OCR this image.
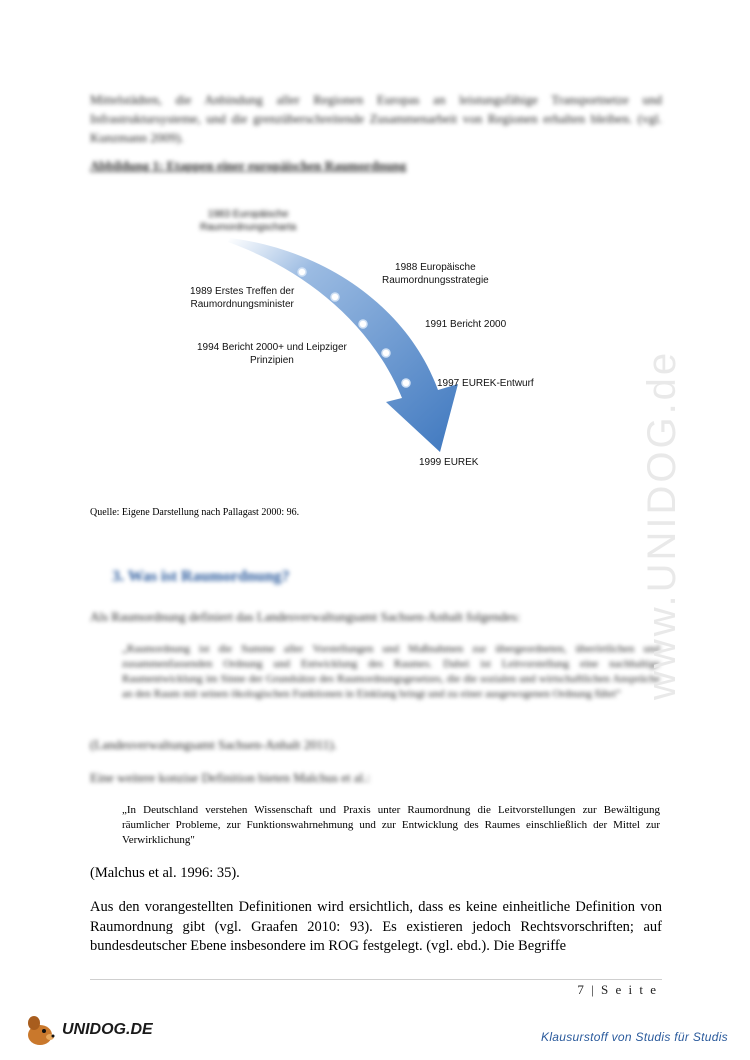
Mittelstädten, die Anbindung aller Regionen Europas an leistungsfähige Transportnetze und Infrastruktursysteme, und die grenzüberschreitende Zusammenarbeit von Regionen erhalten bleiben. (vgl. Kunzmann 2009).
Abbildung 1: Etappen einer europäischen Raumordnung
1983 Europäische
Raumordnungscharta
1988 Europäische
Raumordnungsstrategie
1989 Erstes Treffen der
Raumordnungsminister
1991 Bericht 2000
1994 Bericht 2000+ und Leipziger
Prinzipien
1997 EUREK-Entwurf
1999 EUREK
Quelle: Eigene Darstellung nach Pallagast 2000: 96.
3. Was ist Raumordnung?
Als Raumordnung definiert das Landesverwaltungsamt Sachsen-Anhalt folgendes:
„Raumordnung ist die Summe aller Vorstellungen und Maßnahmen zur übergeordneten, überörtlichen und zusammenfassenden Ordnung und Entwicklung des Raumes. Dabei ist Leitvorstellung eine nachhaltige Raumentwicklung im Sinne der Grundsätze des Raumordnungsgesetzes, die die sozialen und wirtschaftlichen Ansprüche an den Raum mit seinen ökologischen Funktionen in Einklang bringt und zu einer ausgewogenen Ordnung führt“
(Landesverwaltungsamt Sachsen-Anhalt 2011).
Eine weitere konzise Definition bieten Malchus et al.:
„In Deutschland verstehen Wissenschaft und Praxis unter Raumordnung die Leitvorstellungen zur Bewältigung räumlicher Probleme, zur Funktionswahrnehmung und zur Entwicklung des Raumes einschließlich der Mittel zur Verwirklichung"
(Malchus et al. 1996: 35).
Aus den vorangestellten Definitionen wird ersichtlich, dass es keine einheitliche Definition von Raumordnung gibt (vgl. Graafen 2010: 93). Es existieren jedoch Rechtsvorschriften; auf bundesdeutscher Ebene insbesondere im ROG festgelegt. (vgl. ebd.). Die Begriffe
7 | S e i t e
www.UNIDOG.de
UNIDOG.DE	Klausurstoff von Studis für Studis
